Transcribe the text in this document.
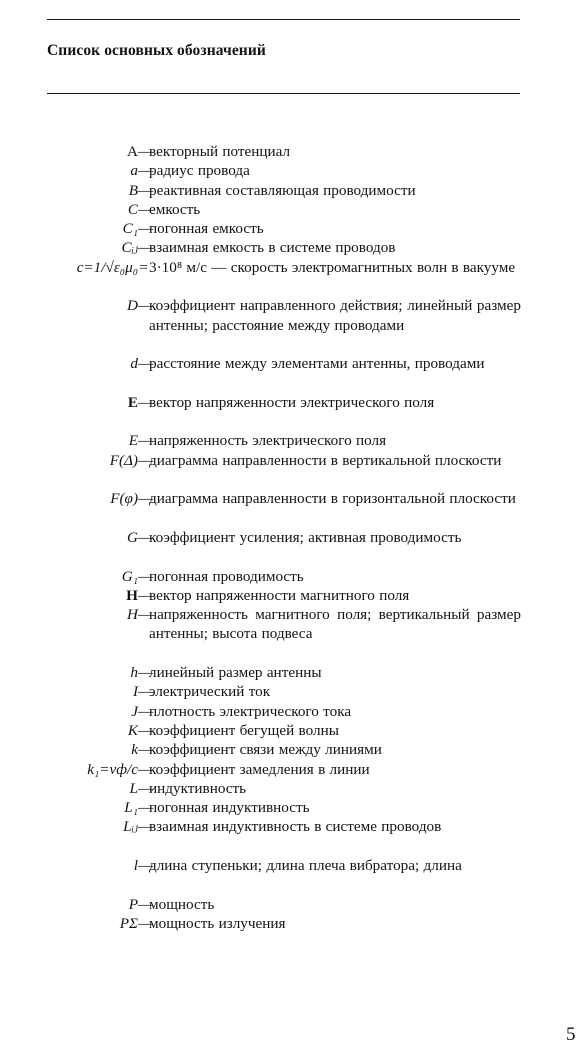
Список основных обозначений
A —
векторный потенциал
a —
радиус провода
B —
реактивная составляющая проводимости
C —
емкость
C₁ —
погонная емкость
Cᵢⱼ —
взаимная емкость в системе проводов
c=1/√ε₀μ₀ = 3·10⁸ м/с — скорость электромагнитных волн в вакууме
D —
коэффициент направленного действия; линейный размер антенны; расстояние между проводами
d —
расстояние между элементами антенны, проводами
E —
вектор напряженности электрического поля
E —
напряженность электрического поля
F(Δ) —
диаграмма направленности в вертикальной плоскости
F(φ) —
диаграмма направленности в горизонтальной плоскости
G —
коэффициент усиления; активная проводимость
G₁ —
погонная проводимость
H —
вектор напряженности магнитного поля
H —
напряженность магнитного поля; вертикальный размер антенны; высота подвеса
h —
линейный размер антенны
I —
электрический ток
J —
плотность электрического тока
K —
коэффициент бегущей волны
k —
коэффициент связи между линиями
k₁=vф/c —
коэффициент замедления в линии
L —
индуктивность
L₁ —
погонная индуктивность
Lᵢⱼ —
взаимная индуктивность в системе проводов
l —
длина ступеньки; длина плеча вибратора; длина
P —
мощность
PΣ —
мощность излучения
5
